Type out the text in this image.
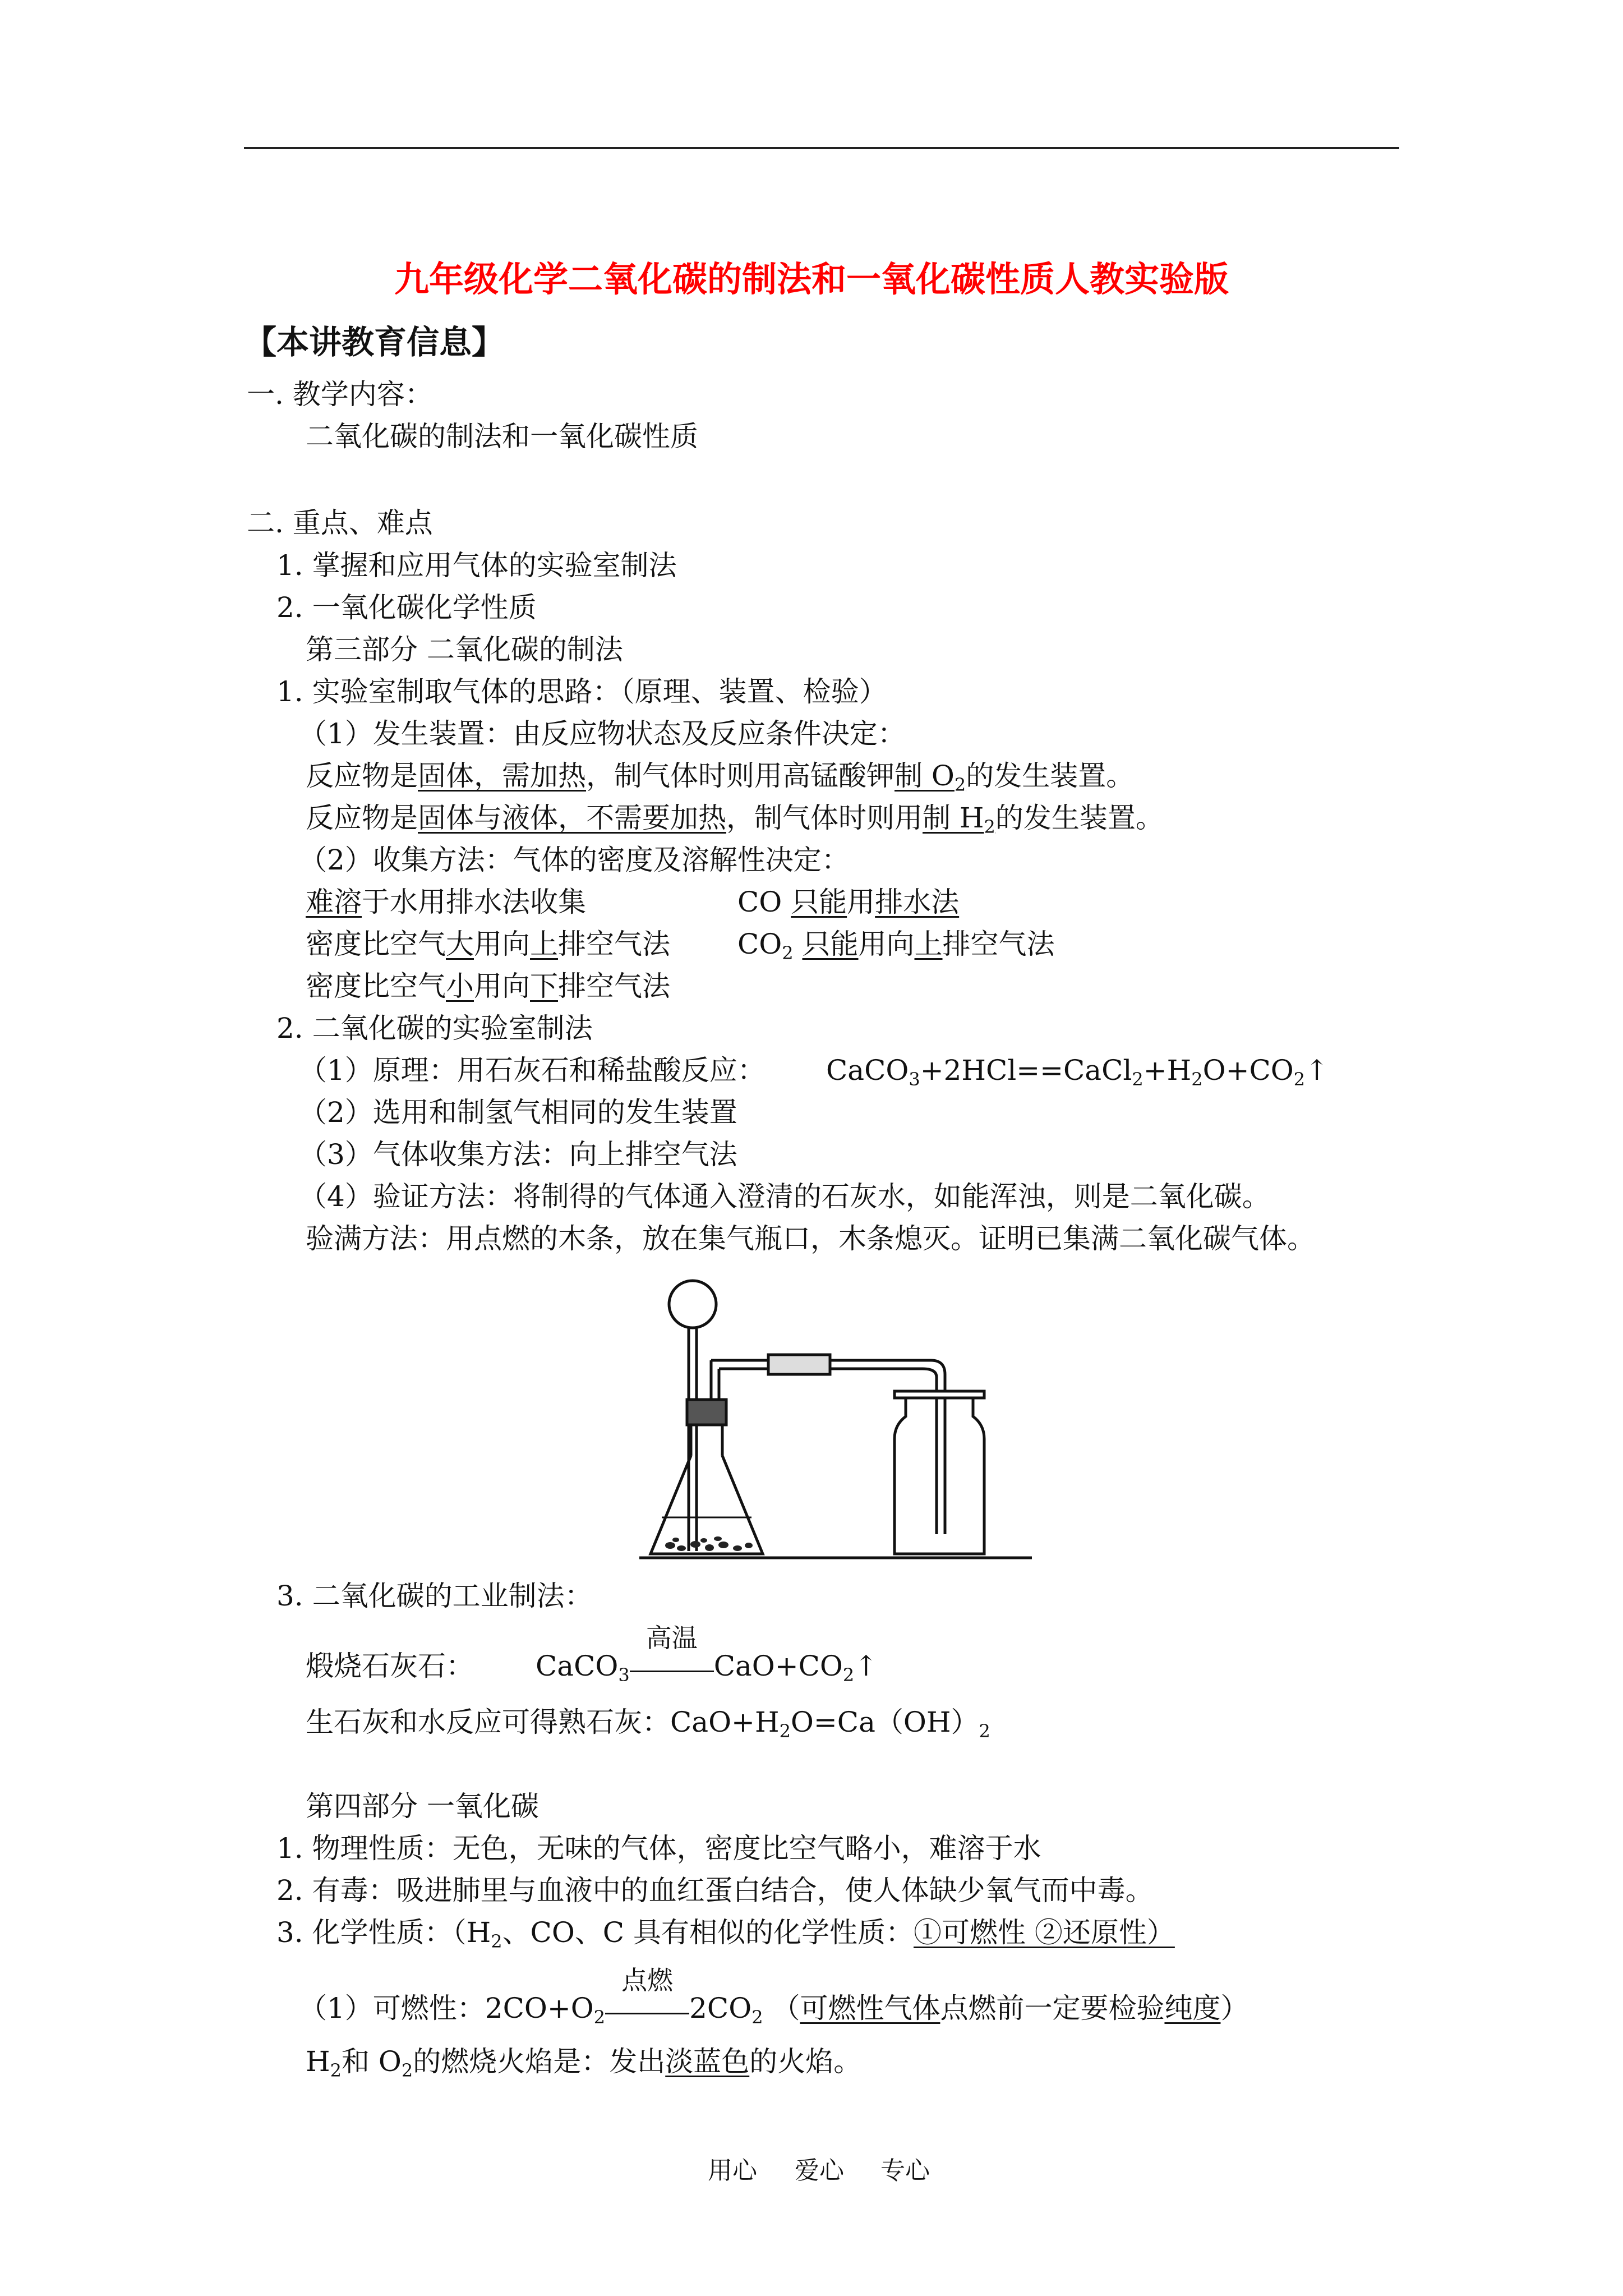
九年级化学二氧化碳的制法和一氧化碳性质人教实验版
【本讲教育信息】
一. 教学内容：
二氧化碳的制法和一氧化碳性质
二. 重点、难点
1. 掌握和应用气体的实验室制法
2. 一氧化碳化学性质
第三部分 二氧化碳的制法
1. 实验室制取气体的思路：（原理、装置、检验）
（1）发生装置：由反应物状态及反应条件决定：
反应物是固体，需加热，制气体时则用高锰酸钾制 $O_2$的发生装置。
反应物是固体与液体，不需要加热，制气体时则用制 $H_2$的发生装置。
（2）收集方法：气体的密度及溶解性决定：
难溶于水用排水法收集	CO 只能用排水法
密度比空气大用向上排空气法 $CO_2$ 只能用向上排空气法
密度比空气小用向下排空气法
2. 二氧化碳的实验室制法
（1）原理：用石灰石和稀盐酸反应： $CaCO_3+2HCl==CaCl_2+H_2O+CO_2↑$
（2）选用和制氢气相同的发生装置
（3）气体收集方法：向上排空气法
（4）验证方法：将制得的气体通入澄清的石灰水，如能浑浊，则是二氧化碳。
验满方法：用点燃的木条，放在集气瓶口，木条熄灭。证明已集满二氧化碳气体。
3. 二氧化碳的工业制法：
煅烧石灰石： CaCO$_3$
高温
$CaO+CO_2↑$
生石灰和水反应可得熟石灰：$CaO+H_2O=Ca(OH)_2$
第四部分 一氧化碳
1. 物理性质：无色，无味的气体，密度比空气略小，难溶于水
2. 有毒：吸进肺里与血液中的血红蛋白结合，使人体缺少氧气而中毒。
3. 化学性质：（$H_2$、CO、C 具有相似的化学性质：①可燃性 ②还原性）
（1）可燃性：$2CO+O_2$
点燃
$2CO_2$ （可燃性气体点燃前一定要检验纯度）
$H_2$和 $O_2$的燃烧火焰是：发出淡蓝色的火焰。
用心 爱心 专心
